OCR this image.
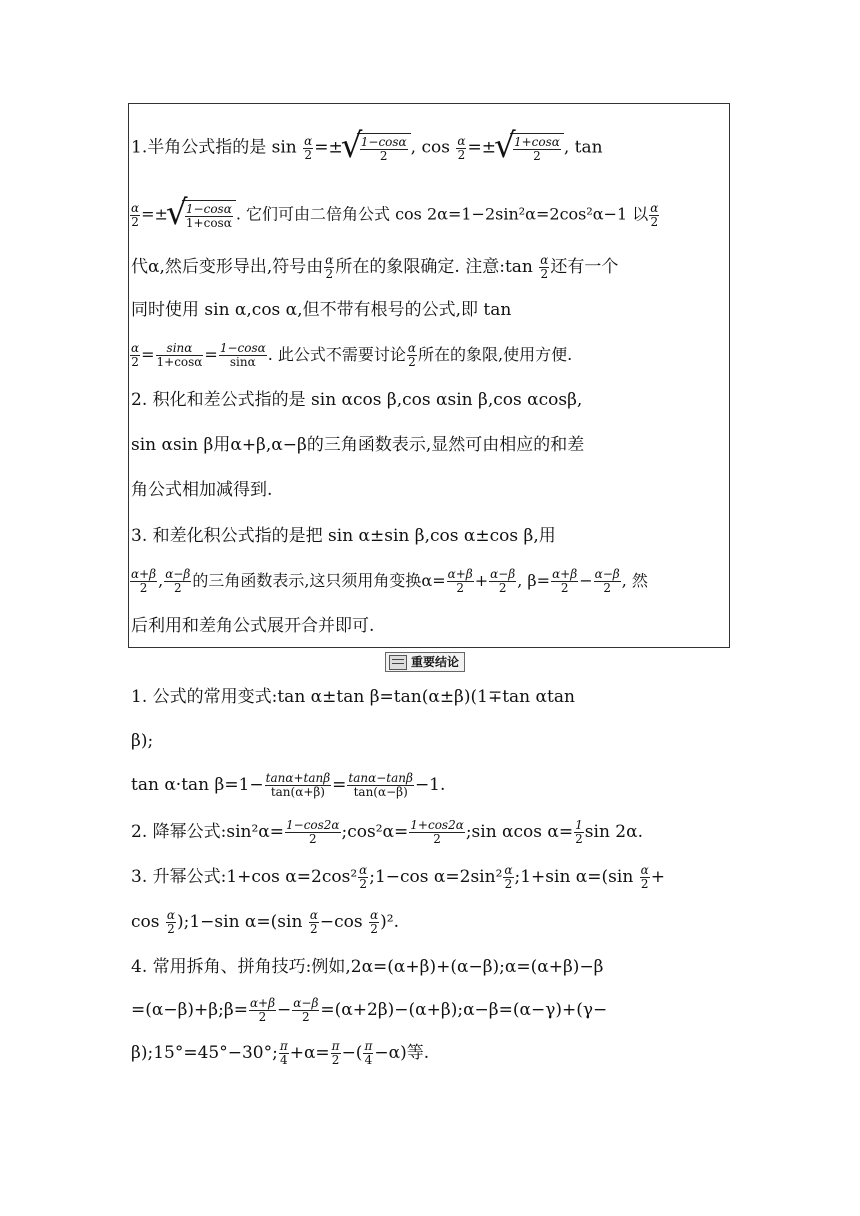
1.半角公式指的是 $\sin \frac{\alpha}{2}$ =± √ $\frac{1-\cos\alpha}{2}$ , $\cos \frac{\alpha}{2}$ =± √ $\frac{1+\cos\alpha}{2}$ , tan
$\frac{\alpha}{2}$ =± √ $\frac{1-\cos\alpha}{1+\cos\alpha}$ . 它们可由二倍角公式 cos 2α=1−2sin²α=2cos²α−1 以 $\frac{\alpha}{2}$
代α,然后变形导出,符号由 $\frac{\alpha}{2}$ 所在的象限确定. 注意:tan $\frac{\alpha}{2}$ 还有一个
同时使用 sin α,cos α,但不带有根号的公式,即 tan
$\frac{\alpha}{2} = \frac{\sin\alpha}{1+\cos\alpha} = \frac{1-\cos\alpha}{\sin\alpha}$ . 此公式不需要讨论 $\frac{\alpha}{2}$ 所在的象限,使用方便.
2. 积化和差公式指的是 sin αcos β,cos αsin β,cos αcosβ,
sin αsin β用α+β,α−β的三角函数表示,显然可由相应的和差
角公式相加减得到.
3. 和差化积公式指的是把 sin α±sin β,cos α±cos β,用
$\frac{\alpha+\beta}{2}$ , $\frac{\alpha-\beta}{2}$ 的三角函数表示,这只须用角变换$\alpha= \frac{\alpha+\beta}{2} + \frac{\alpha-\beta}{2}$ , $\beta= \frac{\alpha+\beta}{2} - \frac{\alpha-\beta}{2}$ , 然
后利用和差角公式展开合并即可.
重要结论
1. 公式的常用变式:tan α±tan β=tan(α±β)(1∓tan αtan
β);
tan α·tan $\beta=1- \frac{\tan\alpha+\tan\beta}{\tan(\alpha+\beta)} = \frac{\tan\alpha-\tan\beta}{\tan(\alpha-\beta)} -1$.
2. 降幂公式:sin²α= $\frac{1-\cos 2\alpha}{2}$ ;cos²α= $\frac{1+\cos 2\alpha}{2}$ ;sin αcos $\alpha= \frac{1}{2}$ sin 2α.
3. 升幂公式:1+cos $\alpha=2\cos^2 \frac{\alpha}{2}$ ;1−cos $\alpha=2\sin^2 \frac{\alpha}{2}$ ;1+sin $\alpha=(\sin \frac{\alpha}{2}$ +
$\cos \frac{\alpha}{2}$ );1−sin $\alpha=(\sin \frac{\alpha}{2} -\cos \frac{\alpha}{2} )^2$.
4. 常用拆角、拼角技巧:例如,2α=(α+β)+(α−β);α=(α+β)−β
=(α−β)+β;β= $\frac{\alpha+\beta}{2} - \frac{\alpha-\beta}{2}$ =(α+2β)−(α+β);α−β=(α−γ)+(γ−
β);15°=45°−30°; $\frac{\pi}{4} +\alpha= \frac{\pi}{2}$ −( $\frac{\pi}{4} -\alpha$)等.
